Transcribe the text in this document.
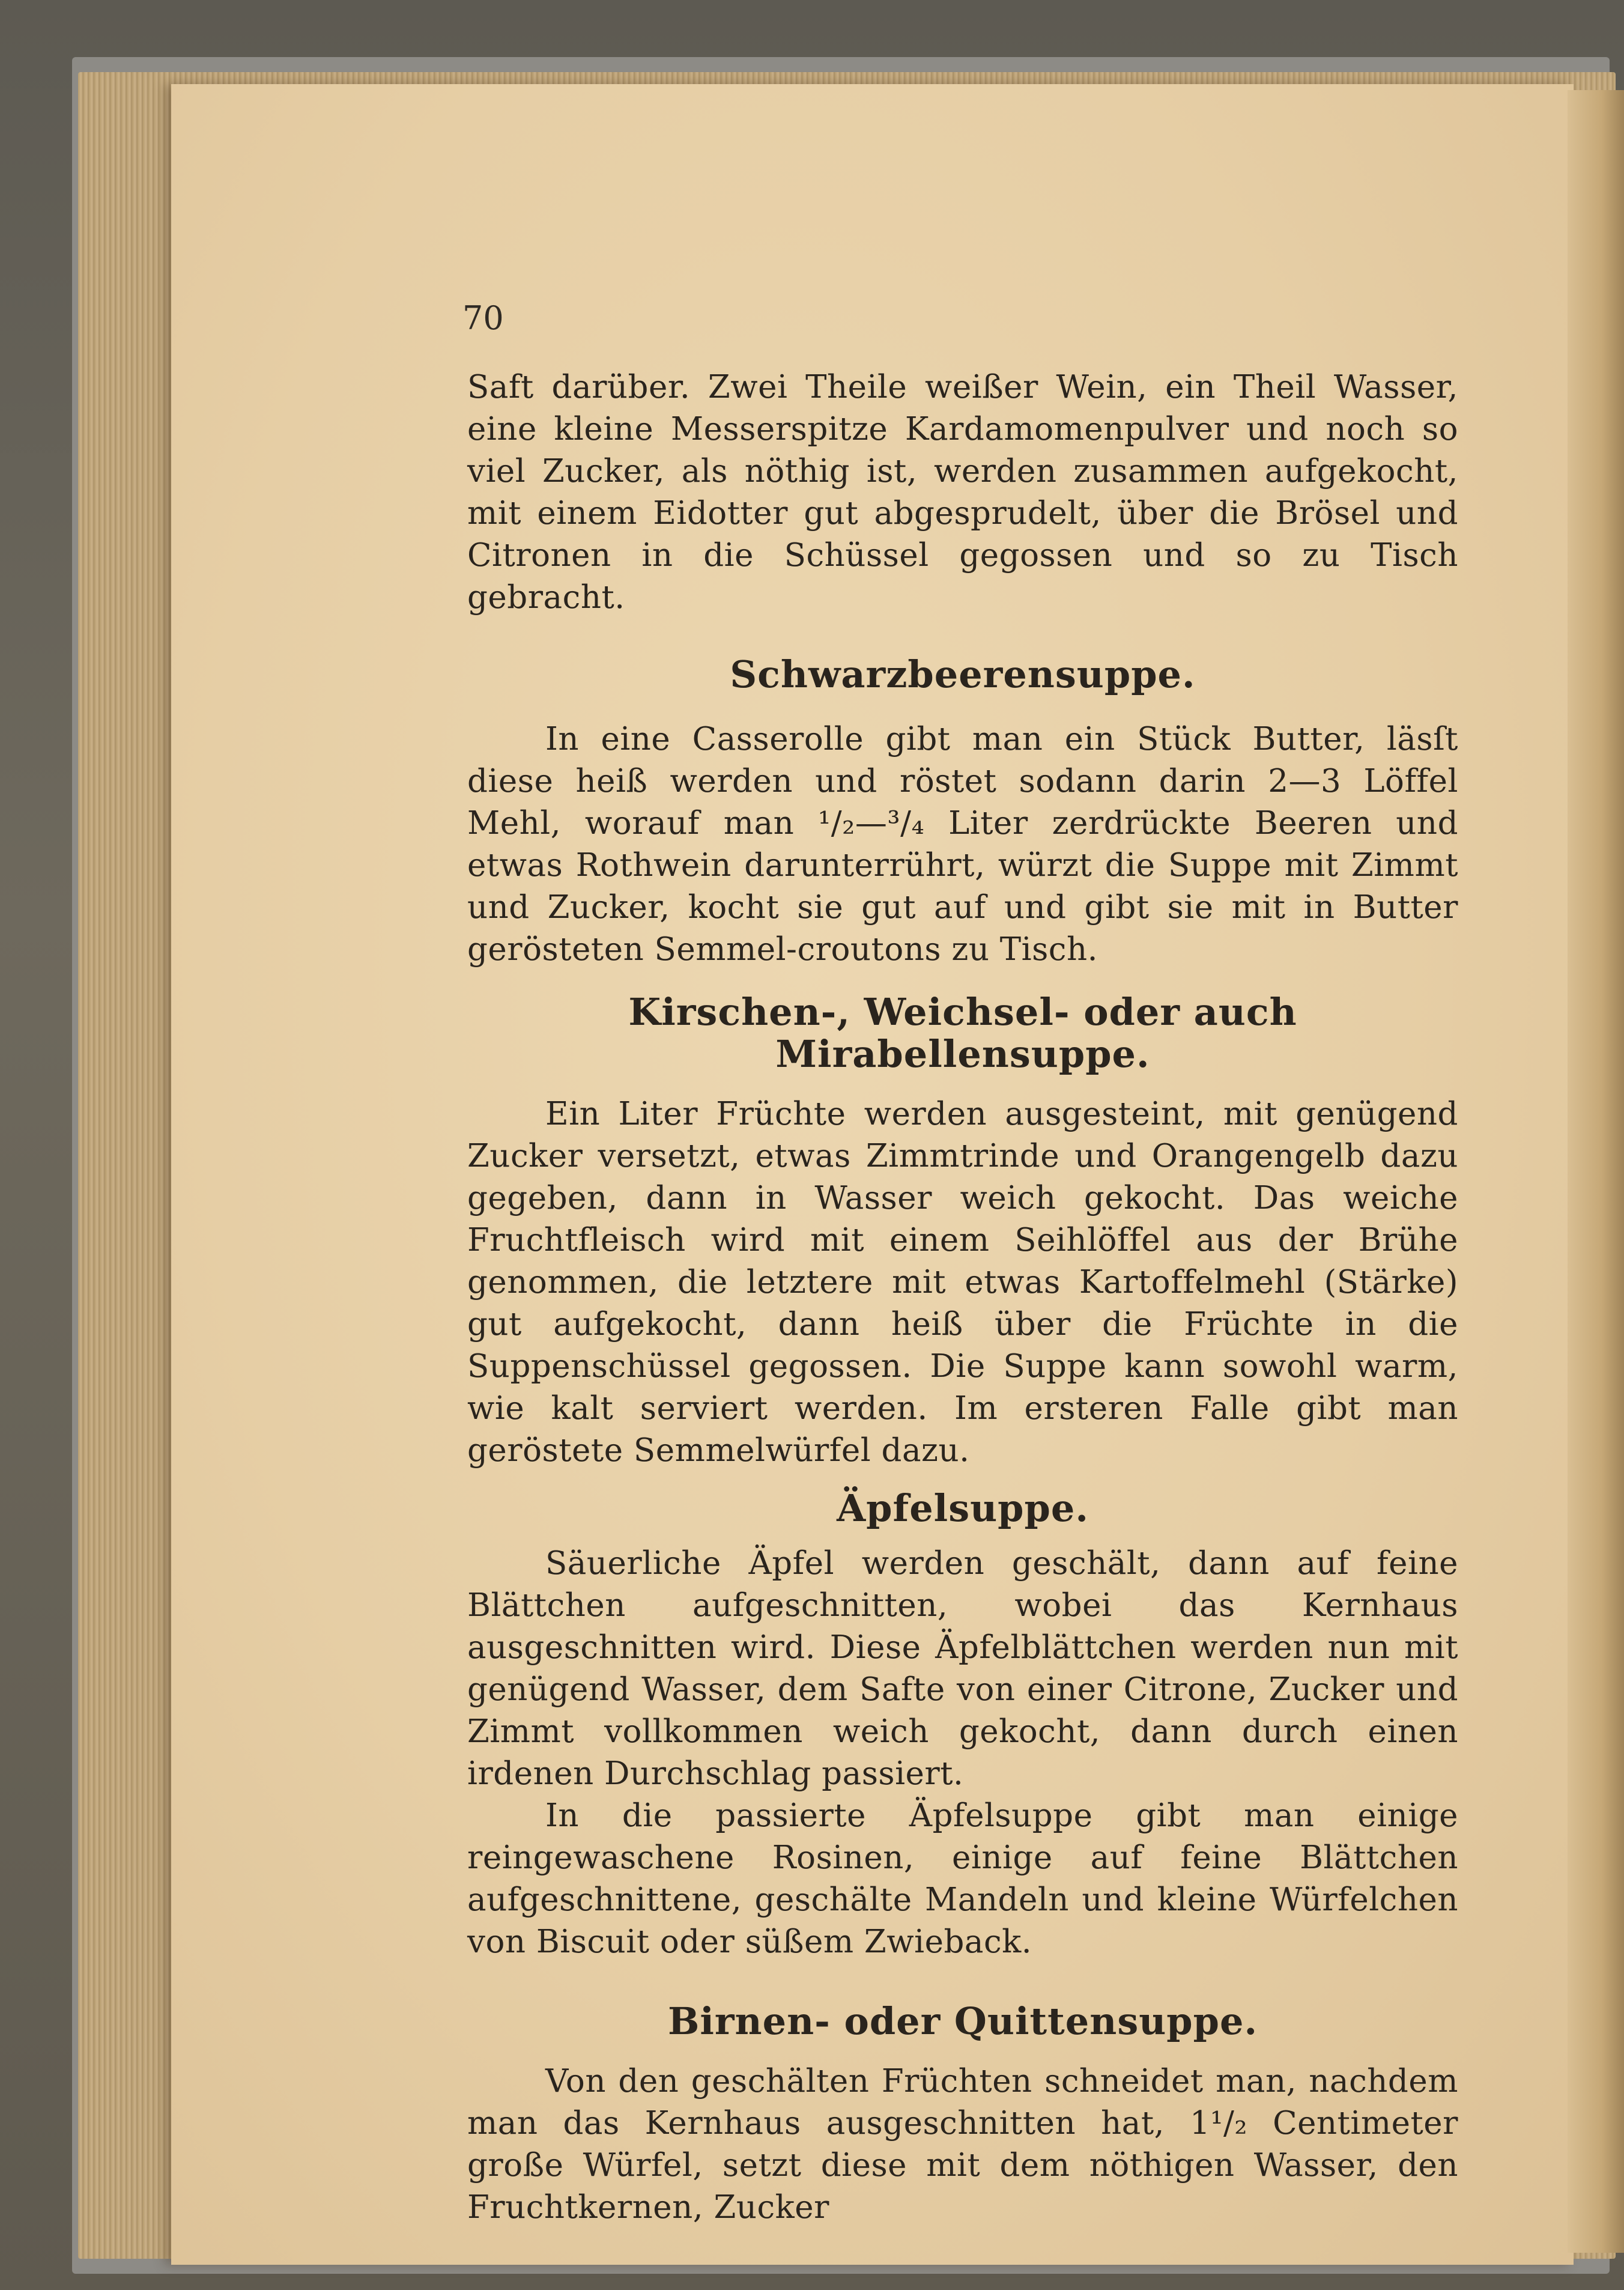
70

Saft darüber. Zwei Theile weißer Wein, ein Theil Wasser, eine kleine Messerspitze Kardamomenpulver und noch so viel Zucker, als nöthig ist, werden zusammen aufgekocht, mit einem Eidotter gut abgesprudelt, über die Brösel und Citronen in die Schüssel gegossen und so zu Tisch gebracht.

Schwarzbeerensuppe.

In eine Casserolle gibt man ein Stück Butter, läsſt diese heiß werden und röstet sodann darin 2—3 Löffel Mehl, worauf man ¹/₂—³/₄ Liter zerdrückte Beeren und etwas Rothwein darunterrührt, würzt die Suppe mit Zimmt und Zucker, kocht sie gut auf und gibt sie mit in Butter gerösteten Semmel-croutons zu Tisch.

Kirschen-, Weichsel- oder auch Mirabellensuppe.

Ein Liter Früchte werden ausgesteint, mit genügend Zucker versetzt, etwas Zimmtrinde und Orangengelb dazu gegeben, dann in Wasser weich gekocht. Das weiche Fruchtfleisch wird mit einem Seihlöffel aus der Brühe genommen, die letztere mit etwas Kartoffelmehl (Stärke) gut aufgekocht, dann heiß über die Früchte in die Suppenschüssel gegossen. Die Suppe kann sowohl warm, wie kalt serviert werden. Im ersteren Falle gibt man geröstete Semmelwürfel dazu.

Äpfelsuppe.

Säuerliche Äpfel werden geschält, dann auf feine Blättchen aufgeschnitten, wobei das Kernhaus ausgeschnitten wird. Diese Äpfelblättchen werden nun mit genügend Wasser, dem Safte von einer Citrone, Zucker und Zimmt vollkommen weich gekocht, dann durch einen irdenen Durchschlag passiert.

In die passierte Äpfelsuppe gibt man einige reingewaschene Rosinen, einige auf feine Blättchen aufgeschnittene, geschälte Mandeln und kleine Würfelchen von Biscuit oder süßem Zwieback.

Birnen- oder Quittensuppe.

Von den geschälten Früchten schneidet man, nachdem man das Kernhaus ausgeschnitten hat, 1¹/₂ Centimeter große Würfel, setzt diese mit dem nöthigen Wasser, den Fruchtkernen, Zucker
